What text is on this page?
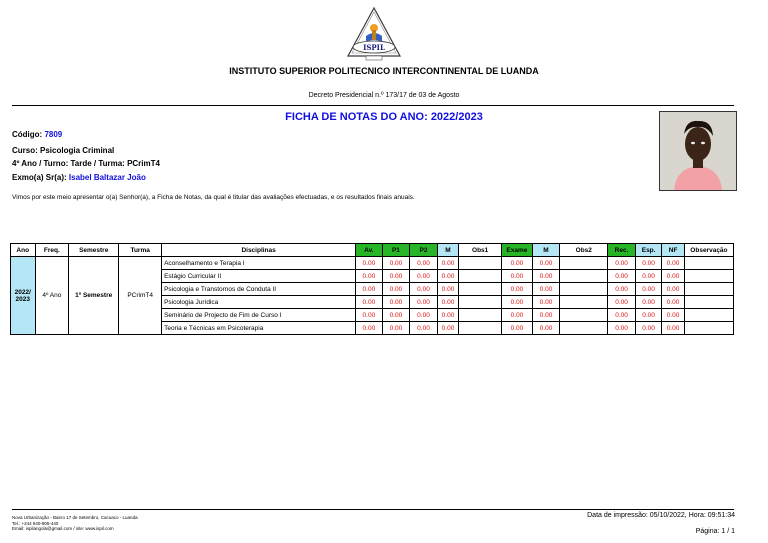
ISPIL
INSTITUTO SUPERIOR POLITECNICO INTERCONTINENTAL DE LUANDA
Decreto Presidencial n.º 173/17 de 03 de Agosto
FICHA DE NOTAS DO ANO: 2022/2023
Código: 7809
Curso: Psicologia Criminal
4º Ano / Turno: Tarde / Turma: PCrimT4
Exmo(a) Sr(a): Isabel Baltazar João
Vimos por este meio apresentar o(a) Senhor(a), a Ficha de Notas, da qual é titular das avaliações efectuadas, e os resultados finais anuais.
Ano	Freq.	Semestre	Turma	Disciplinas	Av.	P1	P2	M	Obs1	Exame	M	Obs2	Rec.	Esp.	NF	Observação
2022/
2023	4º Ano	1º Semestre	PCrimT4	Aconselhamento e Terapia I	0.00	0.00	0.00	0.00		0.00	0.00		0.00	0.00	0.00	
				Estágio Curricular II	0.00	0.00	0.00	0.00		0.00	0.00		0.00	0.00	0.00	
				Psicologia e Transtornos de Conduta II	0.00	0.00	0.00	0.00		0.00	0.00		0.00	0.00	0.00	
				Psicologia Jurídica	0.00	0.00	0.00	0.00		0.00	0.00		0.00	0.00	0.00	
				Seminário de Projecto de Fim de Curso I	0.00	0.00	0.00	0.00		0.00	0.00		0.00	0.00	0.00	
				Teoria e Técnicas em Psicoterapia	0.00	0.00	0.00	0.00		0.00	0.00		0.00	0.00	0.00	
Nova Urbanização - Bairro 17 de Setembro, Cacuaco - Luanda
Tel.: +244 940-905-440
Email: ispilangola@gmail.com / site: www.ispil.com
Data de impressão: 05/10/2022, Hora: 09:51:34
Página: 1 / 1
